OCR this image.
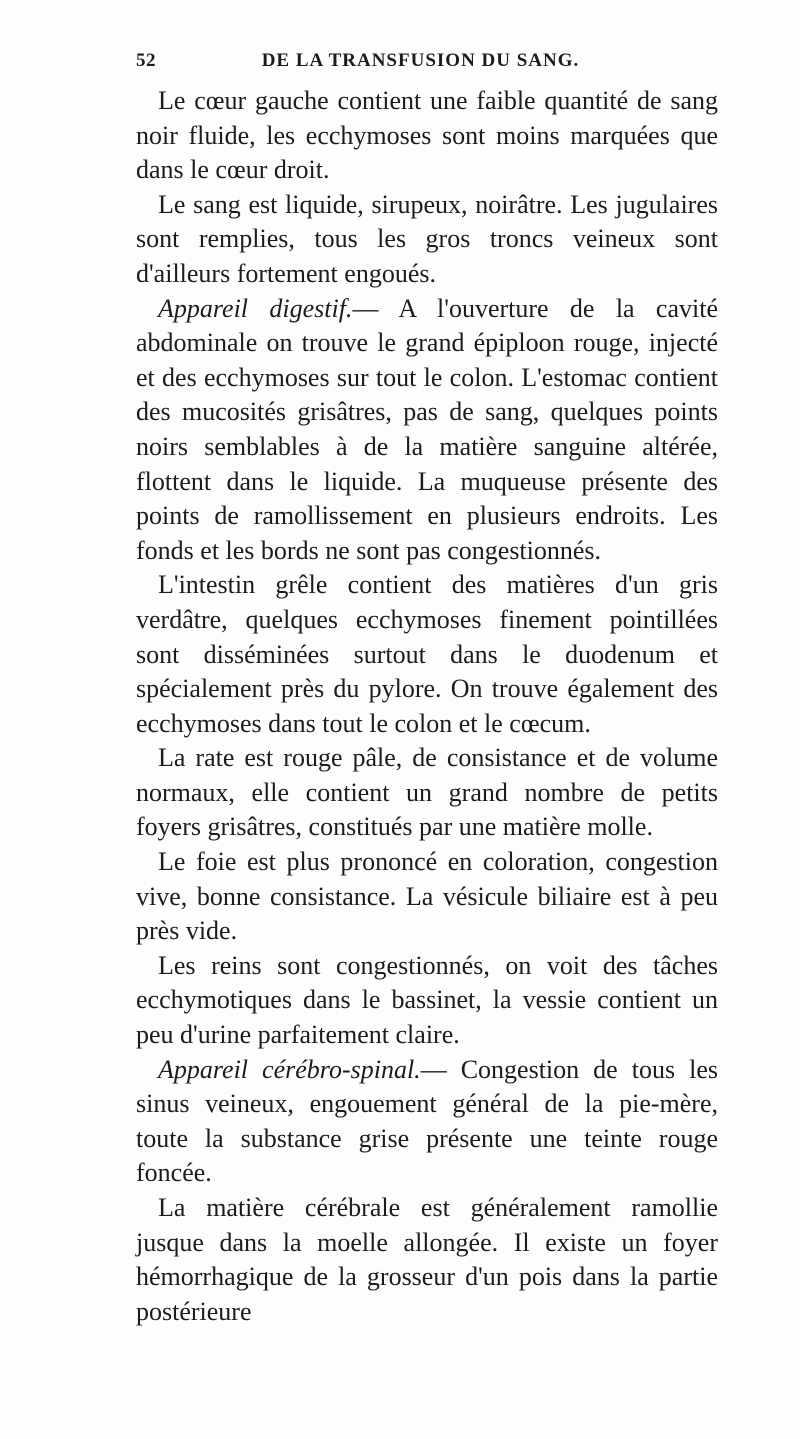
52	DE LA TRANSFUSION DU SANG.

Le cœur gauche contient une faible quantité de sang noir fluide, les ecchymoses sont moins marquées que dans le cœur droit.

Le sang est liquide, sirupeux, noirâtre. Les jugulaires sont remplies, tous les gros troncs veineux sont d'ailleurs fortement engoués.

Appareil digestif.— A l'ouverture de la cavité abdominale on trouve le grand épiploon rouge, injecté et des ecchymoses sur tout le colon. L'estomac contient des mucosités grisâtres, pas de sang, quelques points noirs semblables à de la matière sanguine altérée, flottent dans le liquide. La muqueuse présente des points de ramollissement en plusieurs endroits. Les fonds et les bords ne sont pas congestionnés.

L'intestin grêle contient des matières d'un gris verdâtre, quelques ecchymoses finement pointillées sont disséminées surtout dans le duodenum et spécialement près du pylore. On trouve également des ecchymoses dans tout le colon et le cœcum.

La rate est rouge pâle, de consistance et de volume normaux, elle contient un grand nombre de petits foyers grisâtres, constitués par une matière molle.

Le foie est plus prononcé en coloration, congestion vive, bonne consistance. La vésicule biliaire est à peu près vide.

Les reins sont congestionnés, on voit des tâches ecchymotiques dans le bassinet, la vessie contient un peu d'urine parfaitement claire.

Appareil cérébro-spinal.— Congestion de tous les sinus veineux, engouement général de la pie-mère, toute la substance grise présente une teinte rouge foncée.

La matière cérébrale est généralement ramollie jusque dans la moelle allongée. Il existe un foyer hémorrhagique de la grosseur d'un pois dans la partie postérieure
